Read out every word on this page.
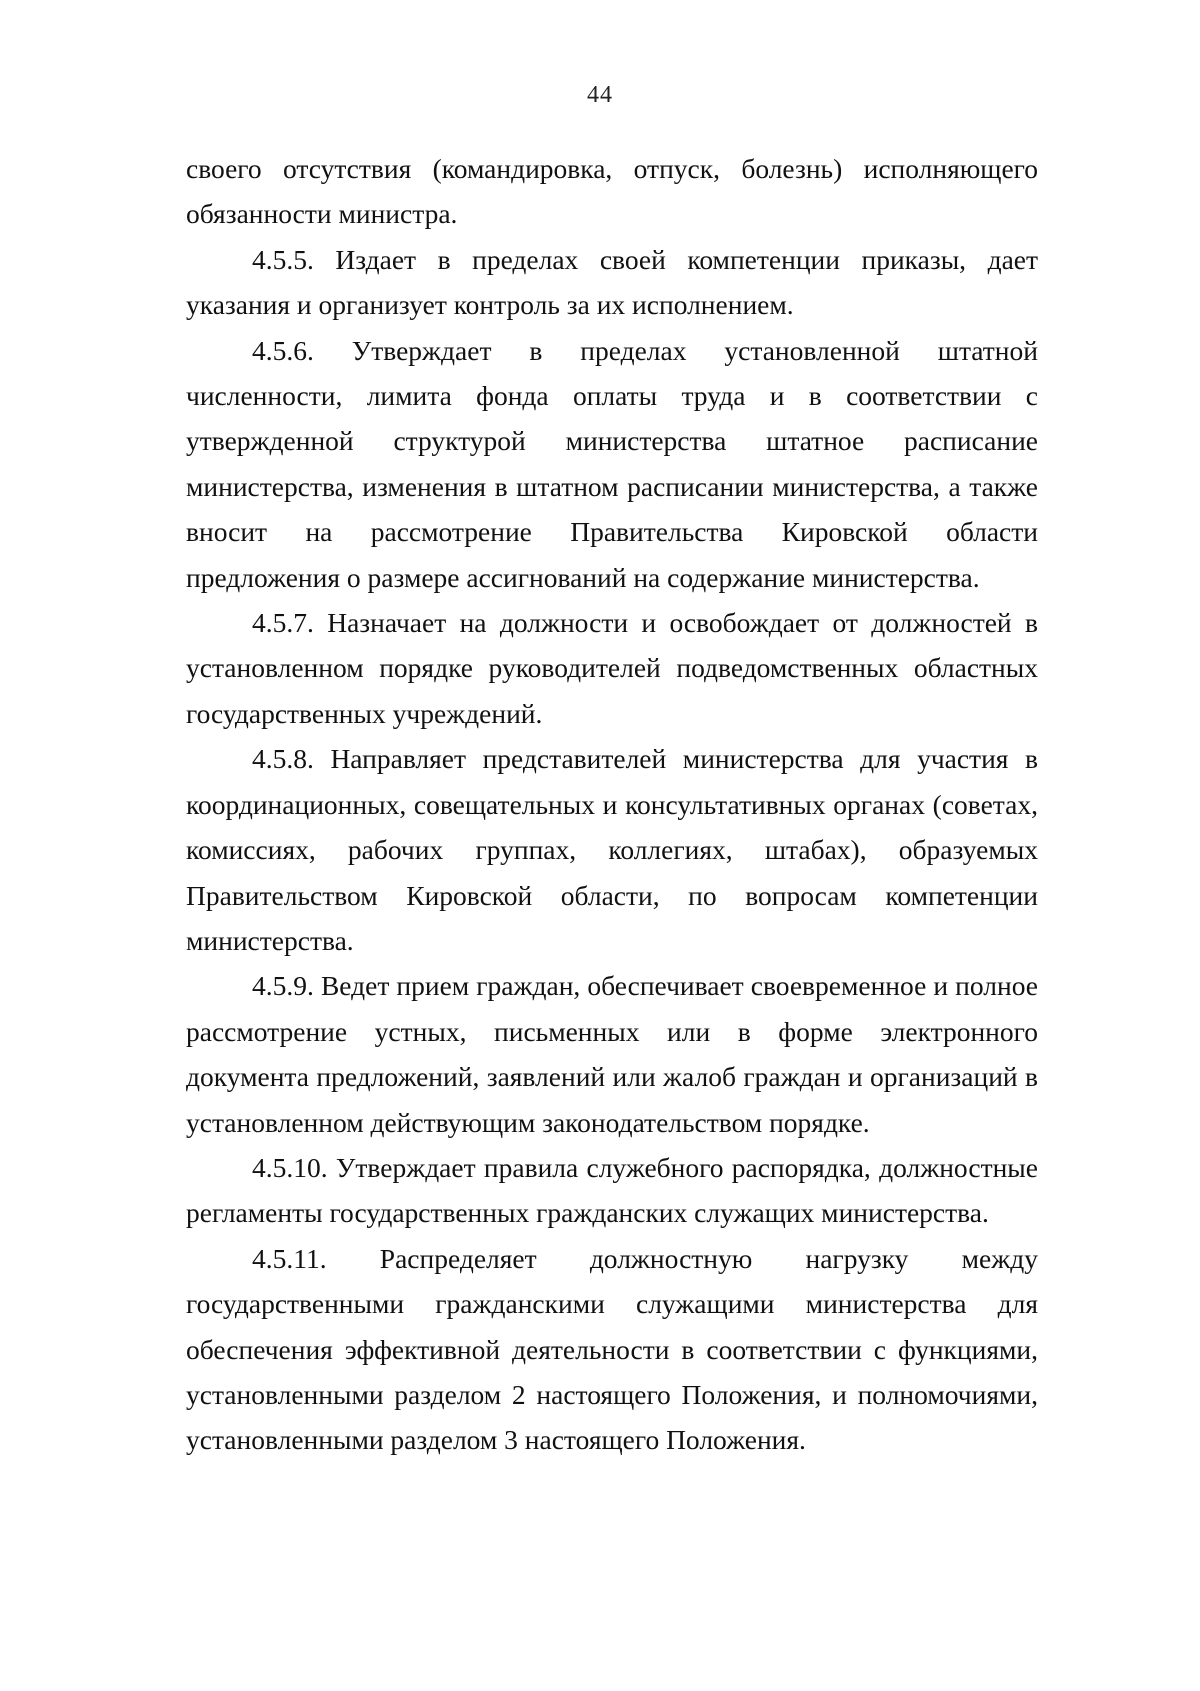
44

своего отсутствия (командировка, отпуск, болезнь) исполняющего обязанности министра.

4.5.5. Издает в пределах своей компетенции приказы, дает указания и организует контроль за их исполнением.

4.5.6. Утверждает в пределах установленной штатной численности, лимита фонда оплаты труда и в соответствии с утвержденной структурой министерства штатное расписание министерства, изменения в штатном расписании министерства, а также вносит на рассмотрение Правительства Кировской области предложения о размере ассигнований на содержание министерства.

4.5.7. Назначает на должности и освобождает от должностей в установленном порядке руководителей подведомственных областных государственных учреждений.

4.5.8. Направляет представителей министерства для участия в координационных, совещательных и консультативных органах (советах, комиссиях, рабочих группах, коллегиях, штабах), образуемых Правительством Кировской области, по вопросам компетенции министерства.

4.5.9. Ведет прием граждан, обеспечивает своевременное и полное рассмотрение устных, письменных или в форме электронного документа предложений, заявлений или жалоб граждан и организаций в установленном действующим законодательством порядке.

4.5.10. Утверждает правила служебного распорядка, должностные регламенты государственных гражданских служащих министерства.

4.5.11. Распределяет должностную нагрузку между государственными гражданскими служащими министерства для обеспечения эффективной деятельности в соответствии с функциями, установленными разделом 2 настоящего Положения, и полномочиями, установленными разделом 3 настоящего Положения.
